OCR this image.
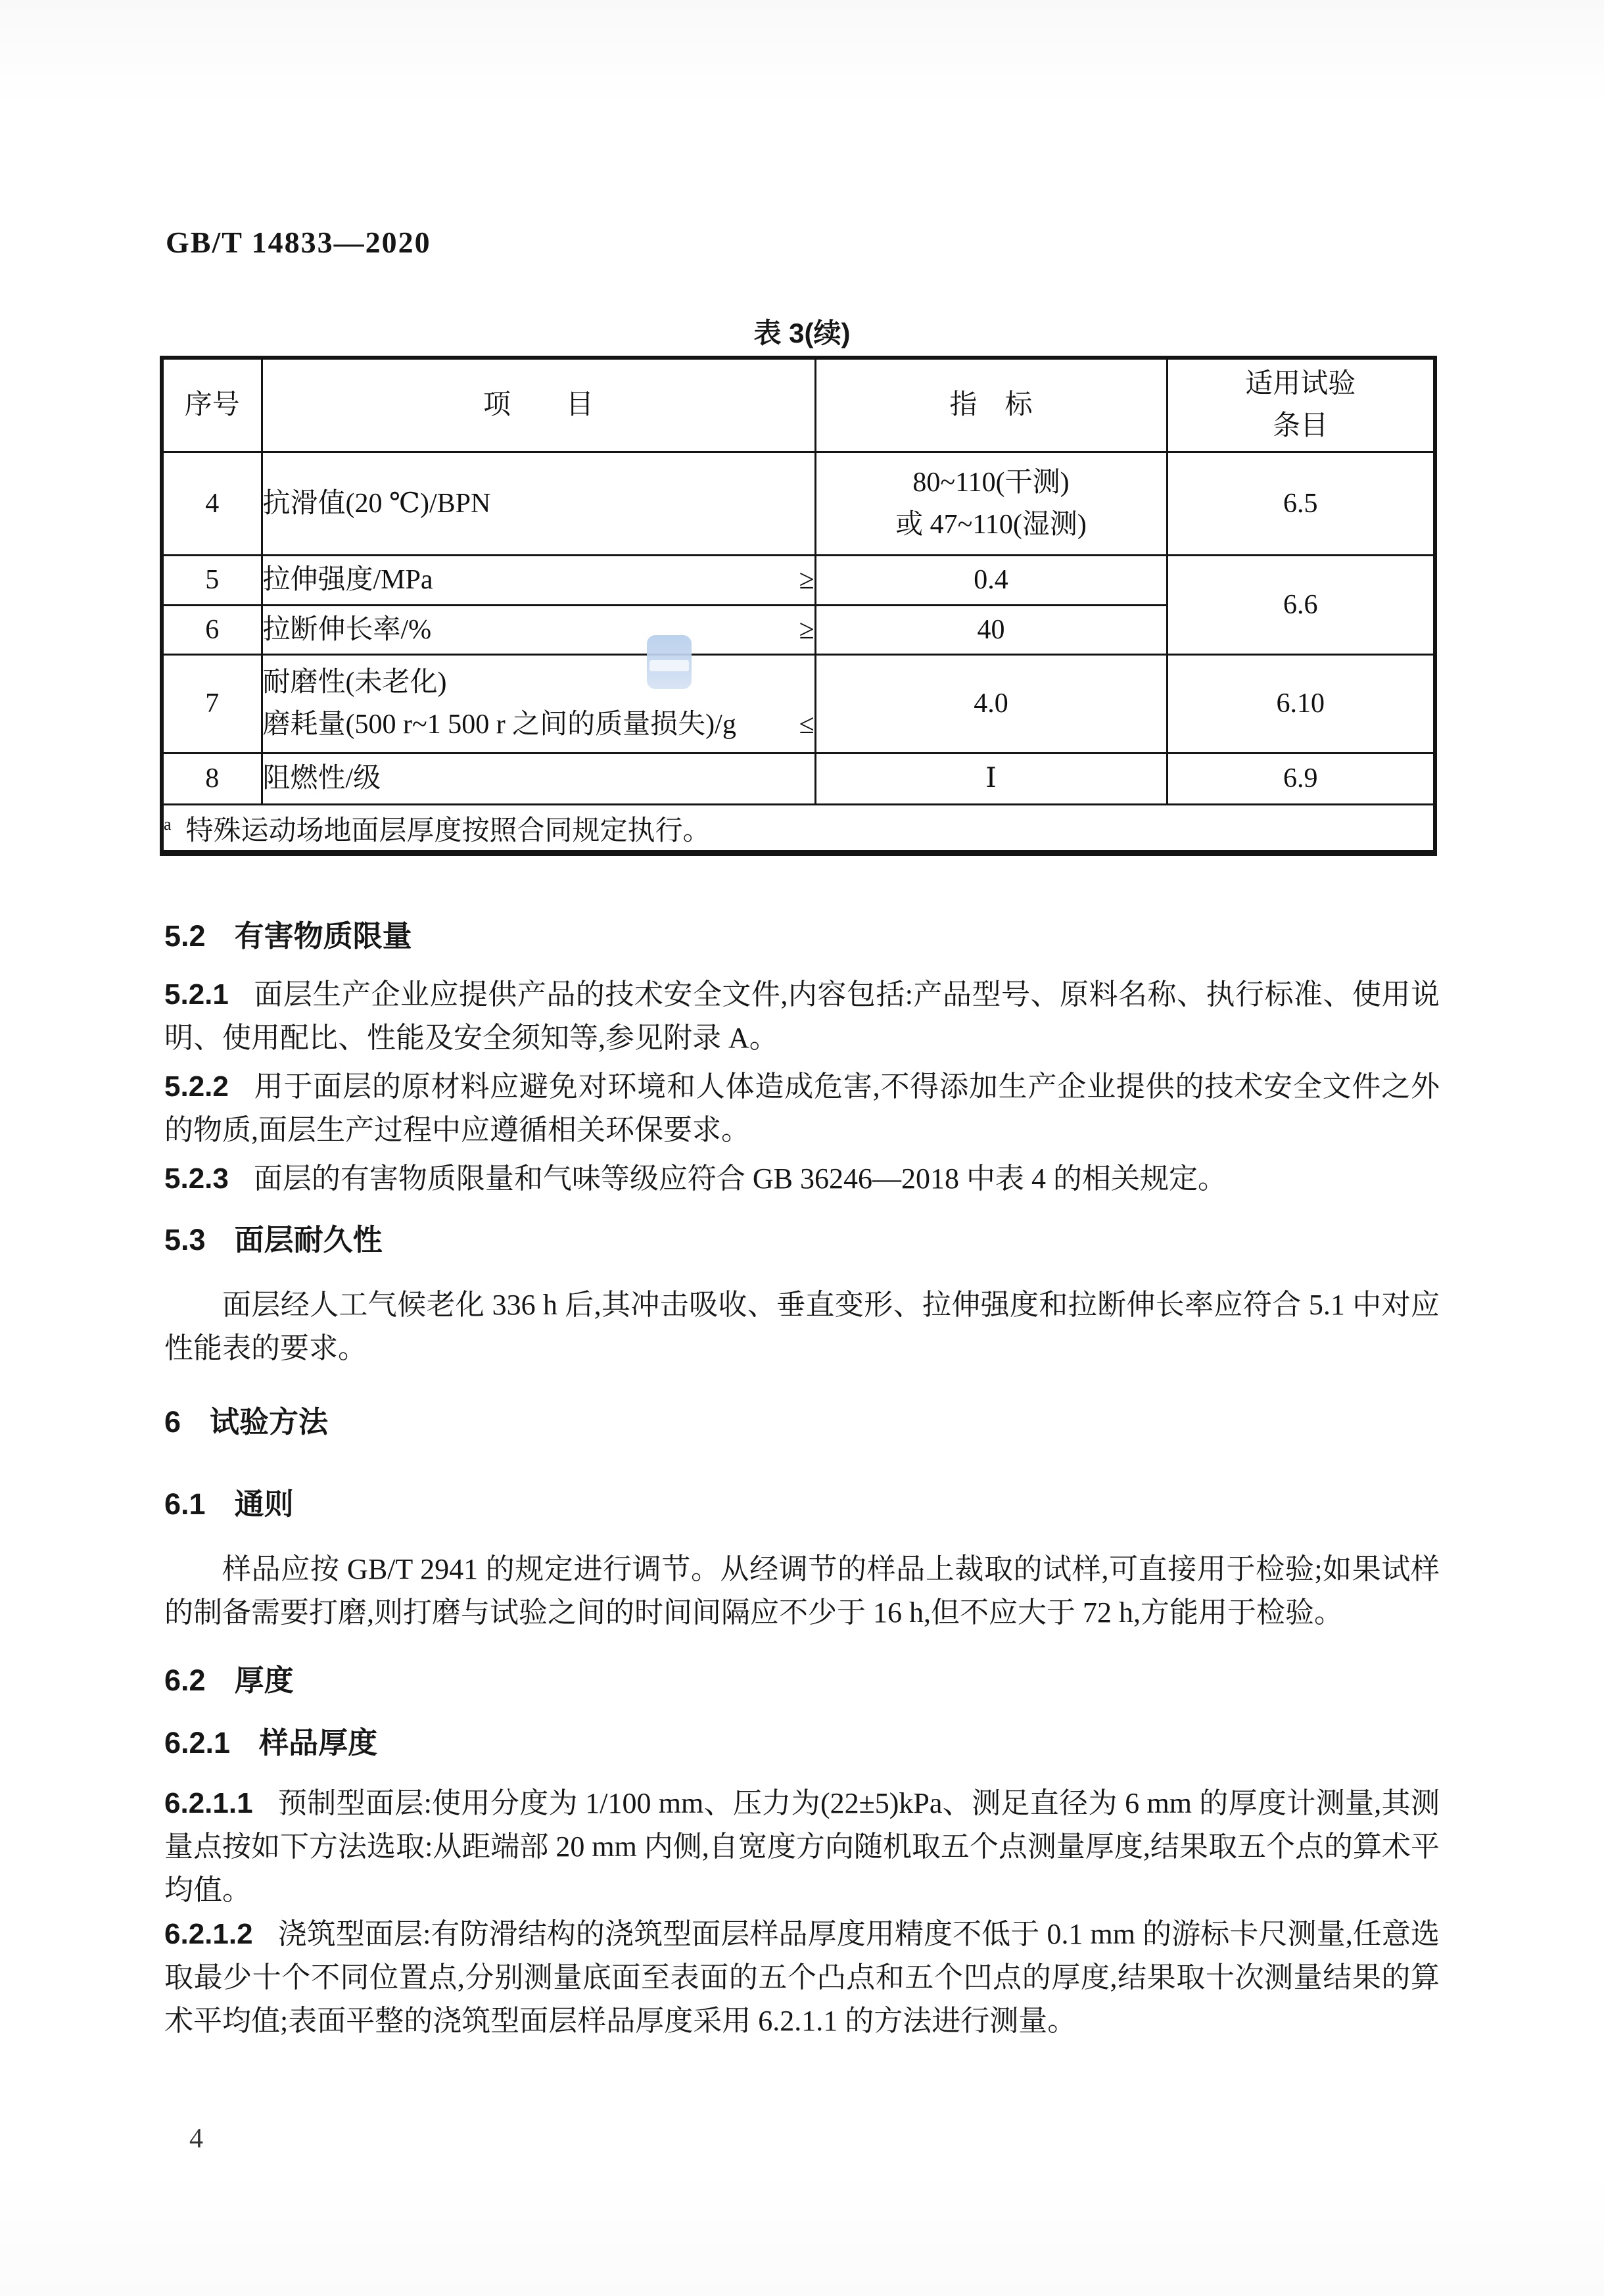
GB/T 14833—2020
表 3(续)
序号	项　　目	指　标	适用试验
条目

4	抗滑值(20 ℃)/BPN	80~110(干测)
或 47~110(湿测)	6.5
5	拉伸强度/MPa ≥	0.4	6.6
6	拉断伸长率/% ≥	40	
7	耐磨性(未老化)
磨耗量(500 r~1 500 r 之间的质量损失)/g ≤	4.0	6.10
8	阻燃性/级	Ⅰ	6.9
$^a$ 特殊运动场地面层厚度按照合同规定执行。			

5.2 有害物质限量

5.2.1 面层生产企业应提供产品的技术安全文件,内容包括:产品型号、原料名称、执行标准、使用说明、使用配比、性能及安全须知等,参见附录 A。

5.2.2 用于面层的原材料应避免对环境和人体造成危害,不得添加生产企业提供的技术安全文件之外的物质,面层生产过程中应遵循相关环保要求。

5.2.3 面层的有害物质限量和气味等级应符合 GB 36246—2018 中表 4 的相关规定。

5.3 面层耐久性

面层经人工气候老化 336 h 后,其冲击吸收、垂直变形、拉伸强度和拉断伸长率应符合 5.1 中对应性能表的要求。

6 试验方法

6.1 通则

样品应按 GB/T 2941 的规定进行调节。从经调节的样品上裁取的试样,可直接用于检验;如果试样的制备需要打磨,则打磨与试验之间的时间间隔应不少于 16 h,但不应大于 72 h,方能用于检验。

6.2 厚度

6.2.1 样品厚度

6.2.1.1 预制型面层:使用分度为 1/100 mm、压力为(22±5)kPa、测足直径为 6 mm 的厚度计测量,其测量点按如下方法选取:从距端部 20 mm 内侧,自宽度方向随机取五个点测量厚度,结果取五个点的算术平均值。

6.2.1.2 浇筑型面层:有防滑结构的浇筑型面层样品厚度用精度不低于 0.1 mm 的游标卡尺测量,任意选取最少十个不同位置点,分别测量底面至表面的五个凸点和五个凹点的厚度,结果取十次测量结果的算术平均值;表面平整的浇筑型面层样品厚度采用 6.2.1.1 的方法进行测量。

4
